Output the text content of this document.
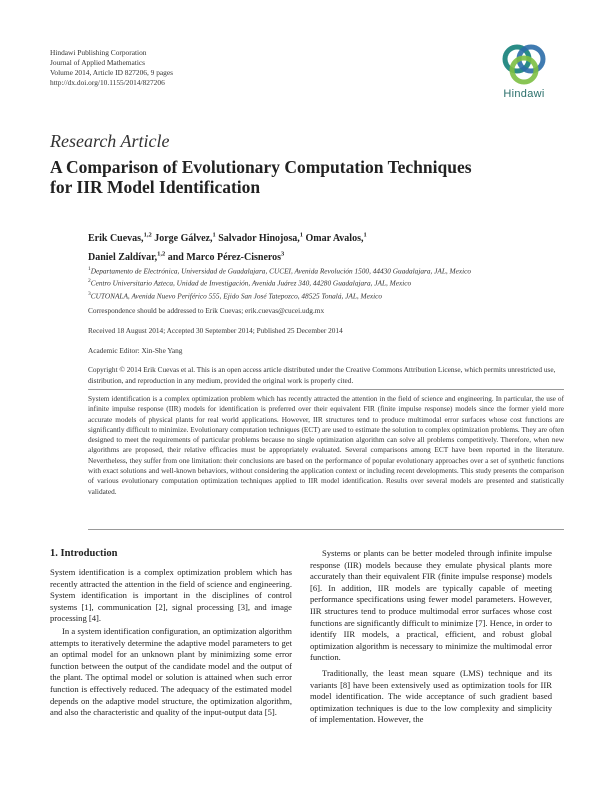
Hindawi Publishing Corporation
Journal of Applied Mathematics
Volume 2014, Article ID 827206, 9 pages
http://dx.doi.org/10.1155/2014/827206
Hindawi
Research Article
A Comparison of Evolutionary Computation Techniques
for IIR Model Identification
Erik Cuevas,$^{1,2}$ Jorge Gálvez,$^1$ Salvador Hinojosa,$^1$ Omar Avalos,$^1$
Daniel Zaldívar,$^{1,2}$ and Marco Pérez-Cisneros$^3$
$^1$Departamento de Electrónica, Universidad de Guadalajara, CUCEI, Avenida Revolución 1500, 44430 Guadalajara, JAL, Mexico
$^2$Centro Universitario Azteca, Unidad de Investigación, Avenida Juárez 340, 44280 Guadalajara, JAL, Mexico
$^3$CUTONALA, Avenida Nuevo Periférico 555, Ejido San José Tatepozco, 48525 Tonalá, JAL, Mexico
Correspondence should be addressed to Erik Cuevas; erik.cuevas@cucei.udg.mx
Received 18 August 2014; Accepted 30 September 2014; Published 25 December 2014
Academic Editor: Xin-She Yang
Copyright © 2014 Erik Cuevas et al. This is an open access article distributed under the Creative Commons Attribution License, which permits unrestricted use, distribution, and reproduction in any medium, provided the original work is properly cited.
System identification is a complex optimization problem which has recently attracted the attention in the field of science and engineering. In particular, the use of infinite impulse response (IIR) models for identification is preferred over their equivalent FIR (finite impulse response) models since the former yield more accurate models of physical plants for real world applications. However, IIR structures tend to produce multimodal error surfaces whose cost functions are significantly difficult to minimize. Evolutionary computation techniques (ECT) are used to estimate the solution to complex optimization problems. They are often designed to meet the requirements of particular problems because no single optimization algorithm can solve all problems competitively. Therefore, when new algorithms are proposed, their relative efficacies must be appropriately evaluated. Several comparisons among ECT have been reported in the literature. Nevertheless, they suffer from one limitation: their conclusions are based on the performance of popular evolutionary approaches over a set of synthetic functions with exact solutions and well-known behaviors, without considering the application context or including recent developments. This study presents the comparison of various evolutionary computation optimization techniques applied to IIR model identification. Results over several models are presented and statistically validated.
1. Introduction

System identification is a complex optimization problem which has recently attracted the attention in the field of science and engineering. System identification is important in the disciplines of control systems [1], communication [2], signal processing [3], and image processing [4].

In a system identification configuration, an optimization algorithm attempts to iteratively determine the adaptive model parameters to get an optimal model for an unknown plant by minimizing some error function between the output of the candidate model and the output of the plant. The optimal model or solution is attained when such error function is effectively reduced. The adequacy of the estimated model depends on the adaptive model structure, the optimization algorithm, and also the characteristic and quality of the input-output data [5].

Systems or plants can be better modeled through infinite impulse response (IIR) models because they emulate physical plants more accurately than their equivalent FIR (finite impulse response) models [6]. In addition, IIR models are typically capable of meeting performance specifications using fewer model parameters. However, IIR structures tend to produce multimodal error surfaces whose cost functions are significantly difficult to minimize [7]. Hence, in order to identify IIR models, a practical, efficient, and robust global optimization algorithm is necessary to minimize the multimodal error function.

Traditionally, the least mean square (LMS) technique and its variants [8] have been extensively used as optimization tools for IIR model identification. The wide acceptance of such gradient based optimization techniques is due to the low complexity and simplicity of implementation. However, the
